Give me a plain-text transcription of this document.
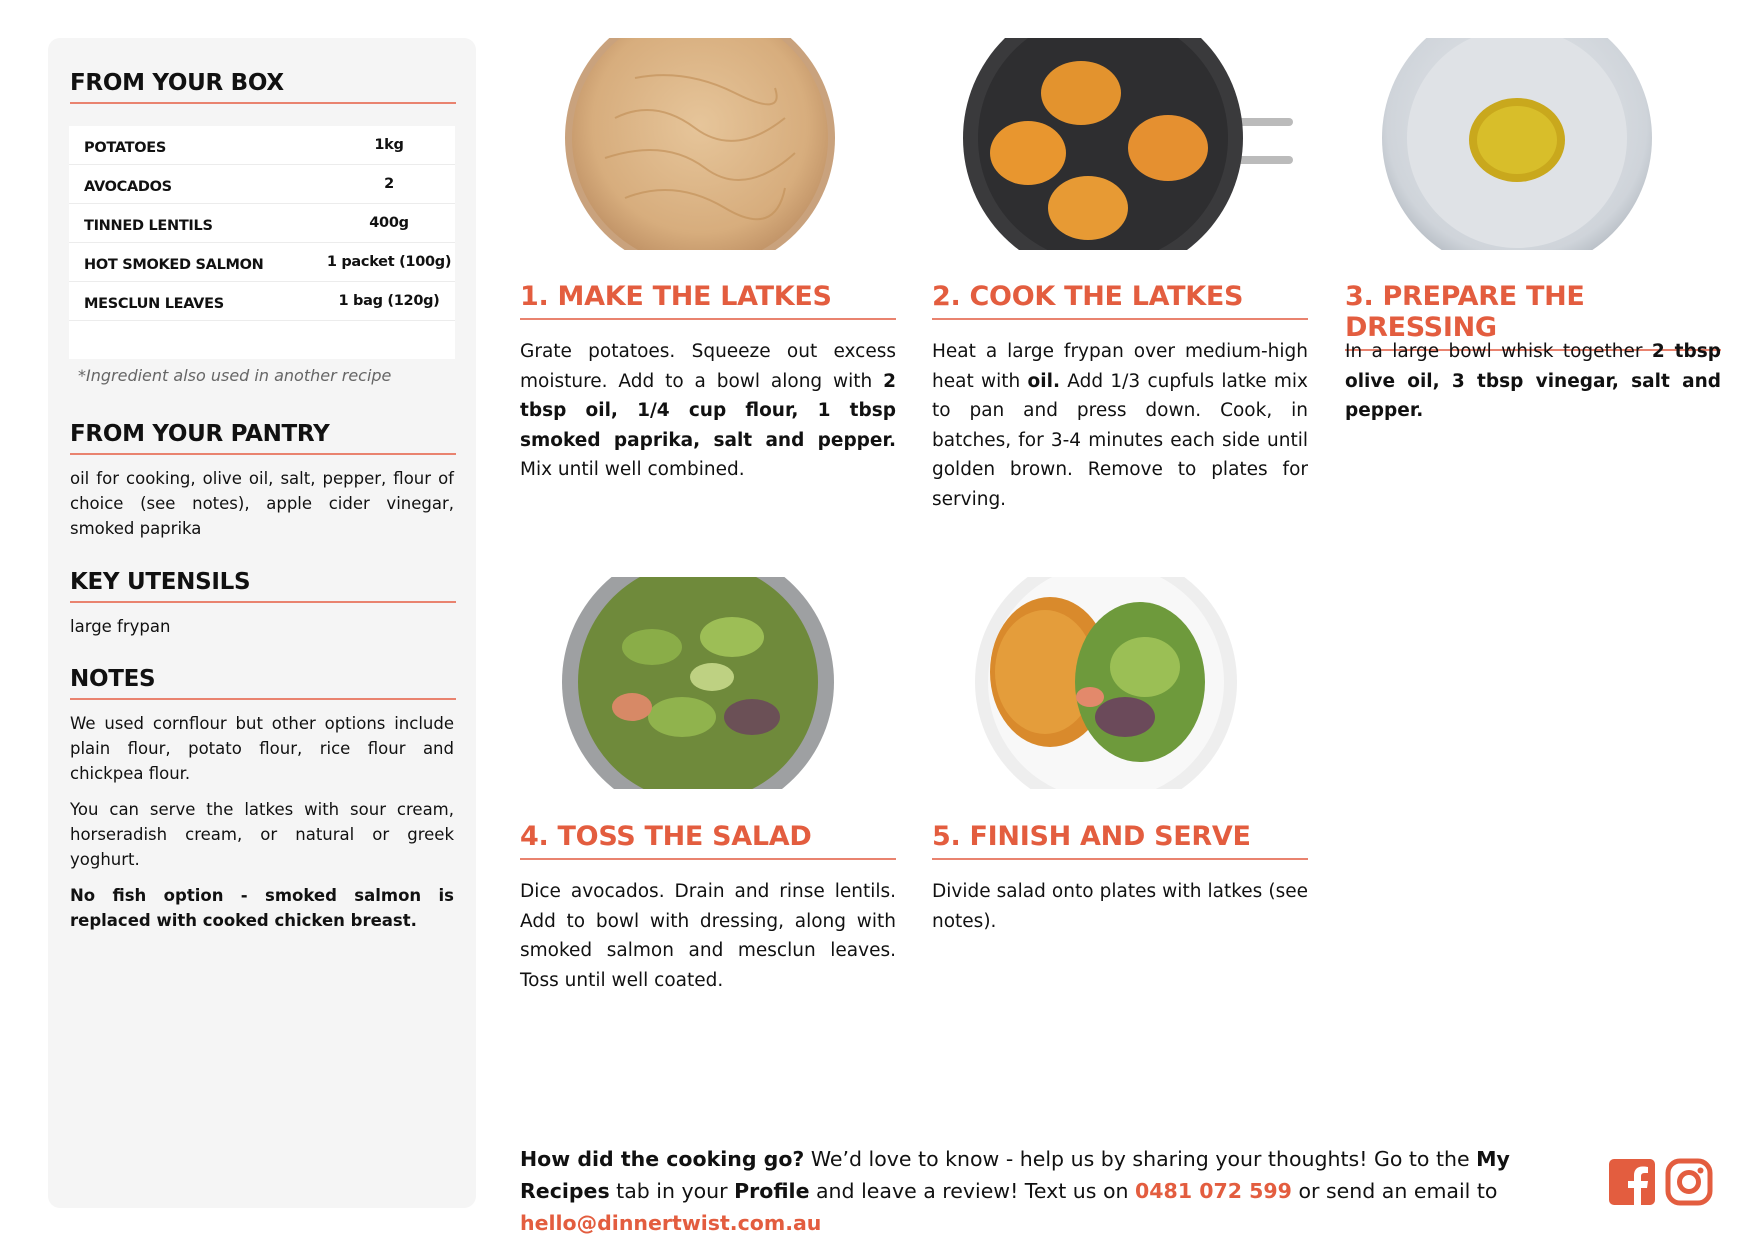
FROM YOUR BOX
POTATOES	1kg
AVOCADOS	2
TINNED LENTILS	400g
HOT SMOKED SALMON	1 packet (100g)
MESCLUN LEAVES	1 bag (120g)
*Ingredient also used in another recipe
FROM YOUR PANTRY
oil for cooking, olive oil, salt, pepper, flour of choice (see notes), apple cider vinegar, smoked paprika
KEY UTENSILS
large frypan
NOTES

We used cornflour but other options include plain flour, potato flour, rice flour and chickpea flour.

You can serve the latkes with sour cream, horseradish cream, or natural or greek yoghurt.

No fish option - smoked salmon is replaced with cooked chicken breast.

1. MAKE THE LATKES	2. COOK THE LATKES	3. PREPARE THE DRESSING
4. TOSS THE SALAD	5. FINISH AND SERVE

Grate potatoes. Squeeze out excess moisture. Add to a bowl along with 2 tbsp oil, 1/4 cup flour, 1 tbsp smoked paprika, salt and pepper. Mix until well combined.

Heat a large frypan over medium-high heat with oil. Add 1/3 cupfuls latke mix to pan and press down. Cook, in batches, for 3-4 minutes each side until golden brown. Remove to plates for serving.

In a large bowl whisk together 2 tbsp olive oil, 3 tbsp vinegar, salt and pepper.

Dice avocados. Drain and rinse lentils. Add to bowl with dressing, along with smoked salmon and mesclun leaves. Toss until well coated.

Divide salad onto plates with latkes (see notes).

How did the cooking go? We’d love to know - help us by sharing your thoughts! Go to the My Recipes tab in your Profile and leave a review! Text us on 0481 072 599 or send an email to hello@dinnertwist.com.au
